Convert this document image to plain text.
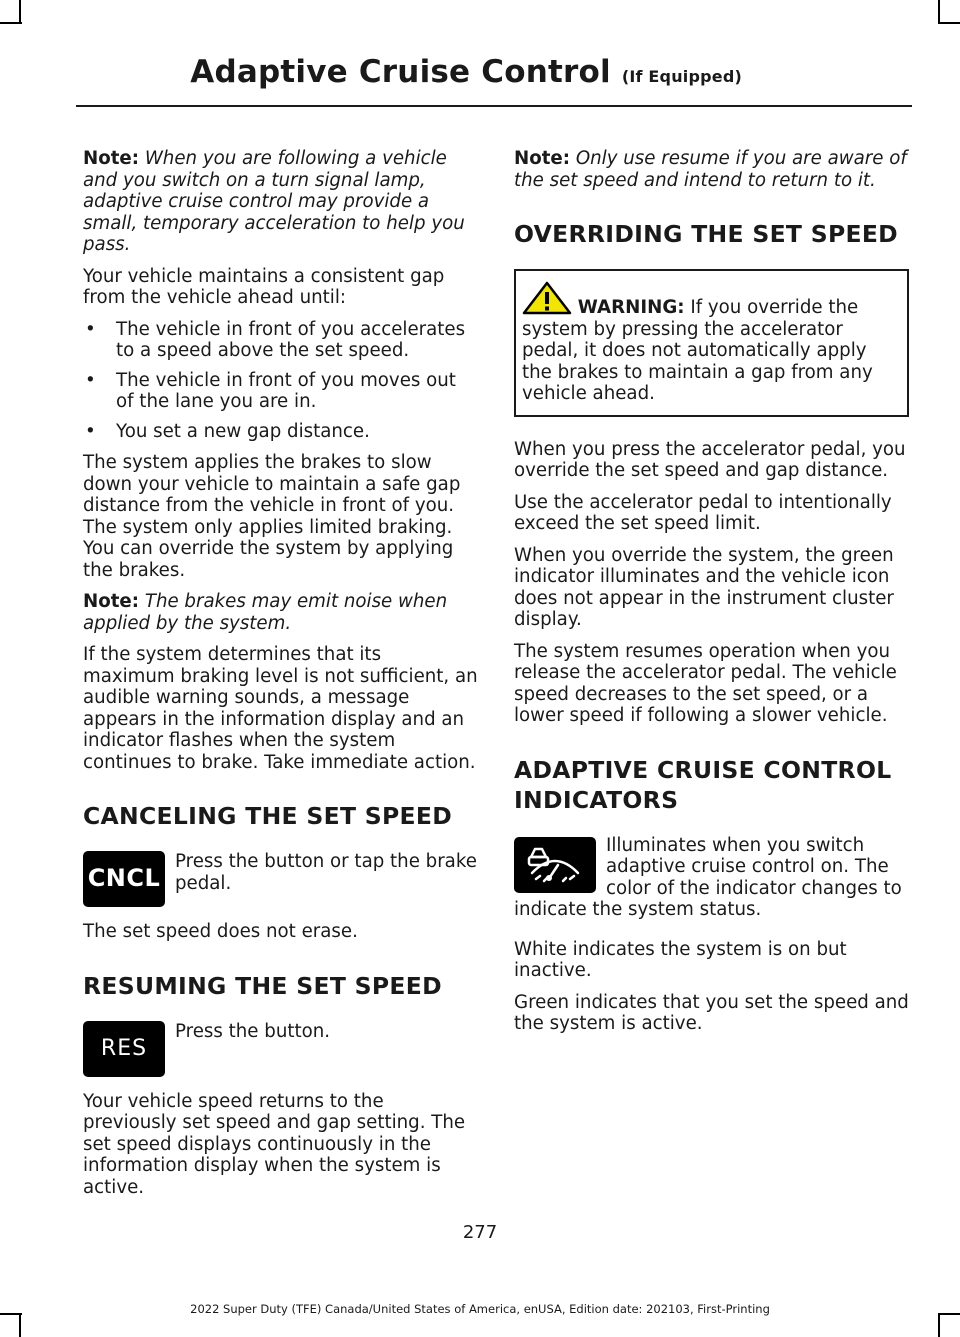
Adaptive Cruise Control (If Equipped)

Note: When you are following a vehicle and you switch on a turn signal lamp, adaptive cruise control may provide a small, temporary acceleration to help you pass.

Your vehicle maintains a consistent gap from the vehicle ahead until:

• The vehicle in front of you accelerates to a speed above the set speed.
• The vehicle in front of you moves out of the lane you are in.
• You set a new gap distance.

The system applies the brakes to slow down your vehicle to maintain a safe gap distance from the vehicle in front of you. The system only applies limited braking. You can override the system by applying the brakes.

Note: The brakes may emit noise when applied by the system.

If the system determines that its maximum braking level is not sufficient, an audible warning sounds, a message appears in the information display and an indicator flashes when the system continues to brake. Take immediate action.

CANCELING THE SET SPEED
CNCL
Press the button or tap the brake pedal.

The set speed does not erase.

RESUMING THE SET SPEED
RES
Press the button.

Your vehicle speed returns to the previously set speed and gap setting. The set speed displays continuously in the information display when the system is active.

Note: Only use resume if you are aware of the set speed and intend to return to it.

OVERRIDING THE SET SPEED
WARNING: If you override the system by pressing the accelerator pedal, it does not automatically apply the brakes to maintain a gap from any vehicle ahead.

When you press the accelerator pedal, you override the set speed and gap distance.

Use the accelerator pedal to intentionally exceed the set speed limit.

When you override the system, the green indicator illuminates and the vehicle icon does not appear in the instrument cluster display.

The system resumes operation when you release the accelerator pedal. The vehicle speed decreases to the set speed, or a lower speed if following a slower vehicle.

ADAPTIVE CRUISE CONTROL
INDICATORS

Illuminates when you switch adaptive cruise control on. The color of the indicator changes to indicate the system status.

White indicates the system is on but inactive.

Green indicates that you set the speed and the system is active.

277
2022 Super Duty (TFE) Canada/United States of America, enUSA, Edition date: 202103, First-Printing
